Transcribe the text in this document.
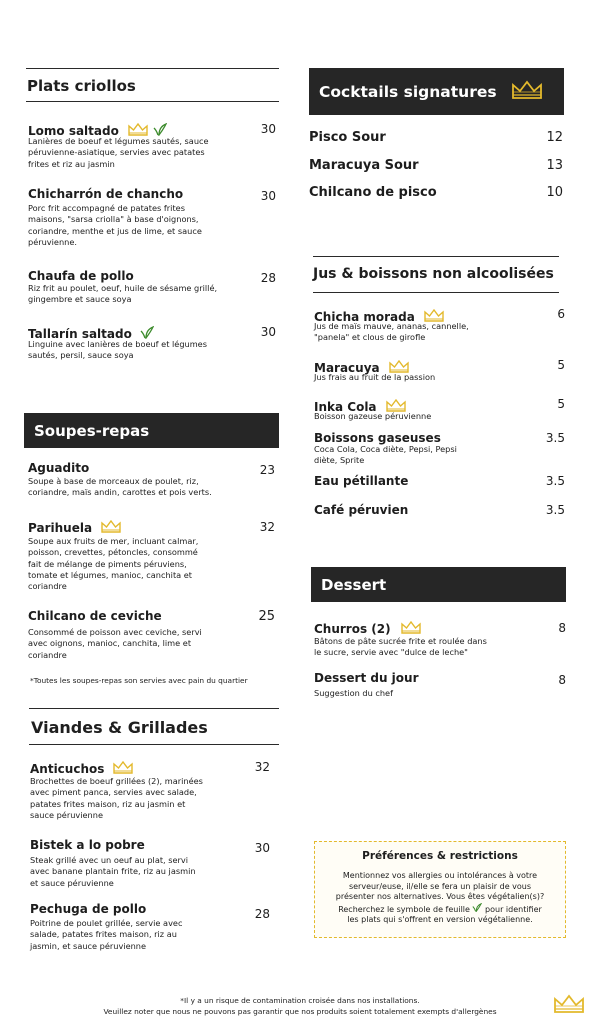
Plats criollos
Lomo saltado	30
Lanières de boeuf et légumes sautés, sauce
péruvienne-asiatique, servies avec patates
frites et riz au jasmin
Chicharrón de chancho	30
Porc frit accompagné de patates frites
maisons, "sarsa criolla" à base d'oignons,
coriandre, menthe et jus de lime, et sauce
péruvienne.
Chaufa de pollo	28
Riz frit au poulet, oeuf, huile de sésame grillé,
gingembre et sauce soya
Tallarín saltado	30
Linguine avec lanières de boeuf et légumes
sautés, persil, sauce soya
Soupes-repas
Aguadito	23
Soupe à base de morceaux de poulet, riz,
coriandre, maïs andin, carottes et pois verts.
Parihuela	32
Soupe aux fruits de mer, incluant calmar,
poisson, crevettes, pétoncles, consommé
fait de mélange de piments péruviens,
tomate et légumes, manioc, canchita et
coriandre
Chilcano de ceviche	25
Consommé de poisson avec ceviche, servi
avec oignons, manioc, canchita, lime et
coriandre
*Toutes les soupes-repas son servies avec pain du quartier
Viandes & Grillades
Anticuchos	32
Brochettes de boeuf grillées (2), marinées
avec piment panca, servies avec salade,
patates frites maison, riz au jasmin et
sauce péruvienne
Bistek a lo pobre	30
Steak grillé avec un oeuf au plat, servi
avec banane plantain frite, riz au jasmin
et sauce péruvienne
Pechuga de pollo	28
Poitrine de poulet grillée, servie avec
salade, patates frites maison, riz au
jasmin, et sauce péruvienne
Cocktails signatures
Pisco Sour	12
Maracuya Sour	13
Chilcano de pisco	10
Jus & boissons non alcoolisées
Chicha morada	6
Jus de maïs mauve, ananas, cannelle,
"panela" et clous de girofle
Maracuya	5
Jus frais au fruit de la passion
Inka Cola	5
Boisson gazeuse péruvienne
Boissons gaseuses	3.5
Coca Cola, Coca diète, Pepsi, Pepsi
diète, Sprite
Eau pétillante	3.5
Café péruvien	3.5
Dessert
Churros (2)	8
Bâtons de pâte sucrée frite et roulée dans
le sucre, servie avec "dulce de leche"
Dessert du jour	8
Suggestion du chef
Préférences & restrictions
Mentionnez vos allergies ou intolérances à votre
serveur/euse, il/elle se fera un plaisir de vous
présenter nos alternatives. Vous êtes végétalien(s)?
Recherchez le symbole de feuille pour identifier
les plats qui s'offrent en version végétalienne.
*Il y a un risque de contamination croisée dans nos installations.
Veuillez noter que nous ne pouvons pas garantir que nos produits soient totalement exempts d'allergènes
